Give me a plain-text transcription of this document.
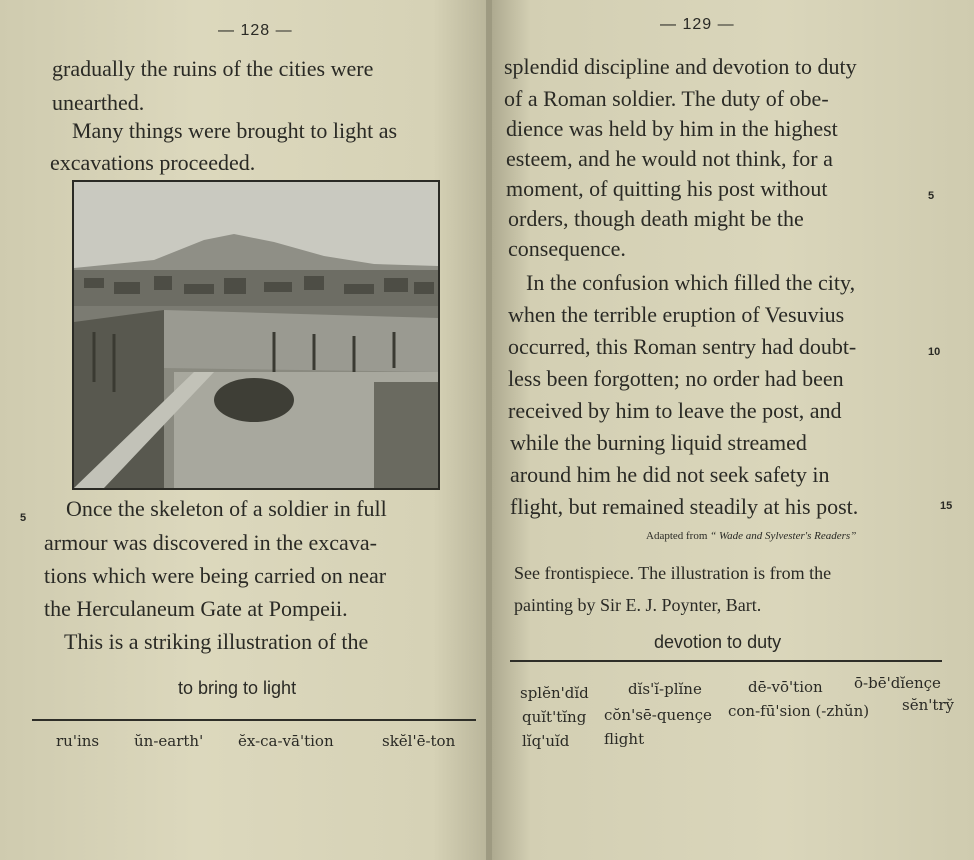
— 128 —
gradually the ruins of the cities were
unearthed.
Many things were brought to light as
excavations proceeded.
5 Once the skeleton of a soldier in full
armour was discovered in the excava-
tions which were being carried on near
the Herculaneum Gate at Pompeii.
This is a striking illustration of the
to bring to light
ru'ins ŭn-earth' ĕx-ca-vā'tion	skĕl'ē-ton
— 129 —
splendid discipline and devotion to duty
of a Roman soldier. The duty of obe-
dience was held by him in the highest
esteem, and he would not think, for a
moment, of quitting his post without
orders, though death might be the
consequence.
In the confusion which filled the city,
when the terrible eruption of Vesuvius
occurred, this Roman sentry had doubt-
less been forgotten; no order had been
received by him to leave the post, and
while the burning liquid streamed
around him he did not seek safety in
flight, but remained steadily at his post.
5
10
15
Adapted from “ Wade and Sylvester's Readers”
See frontispiece. The illustration is from the
painting by Sir E. J. Poynter, Bart.
devotion to duty
splĕn'dĭd	dĭs'ĭ-plĭne	dē-vō'tion ō-bē'dĭençe
quĭt'tĭng cŏn'sē-quençe con-fū'sion (-zhŭn) sĕn'try̆
lĭq'uĭd flight
